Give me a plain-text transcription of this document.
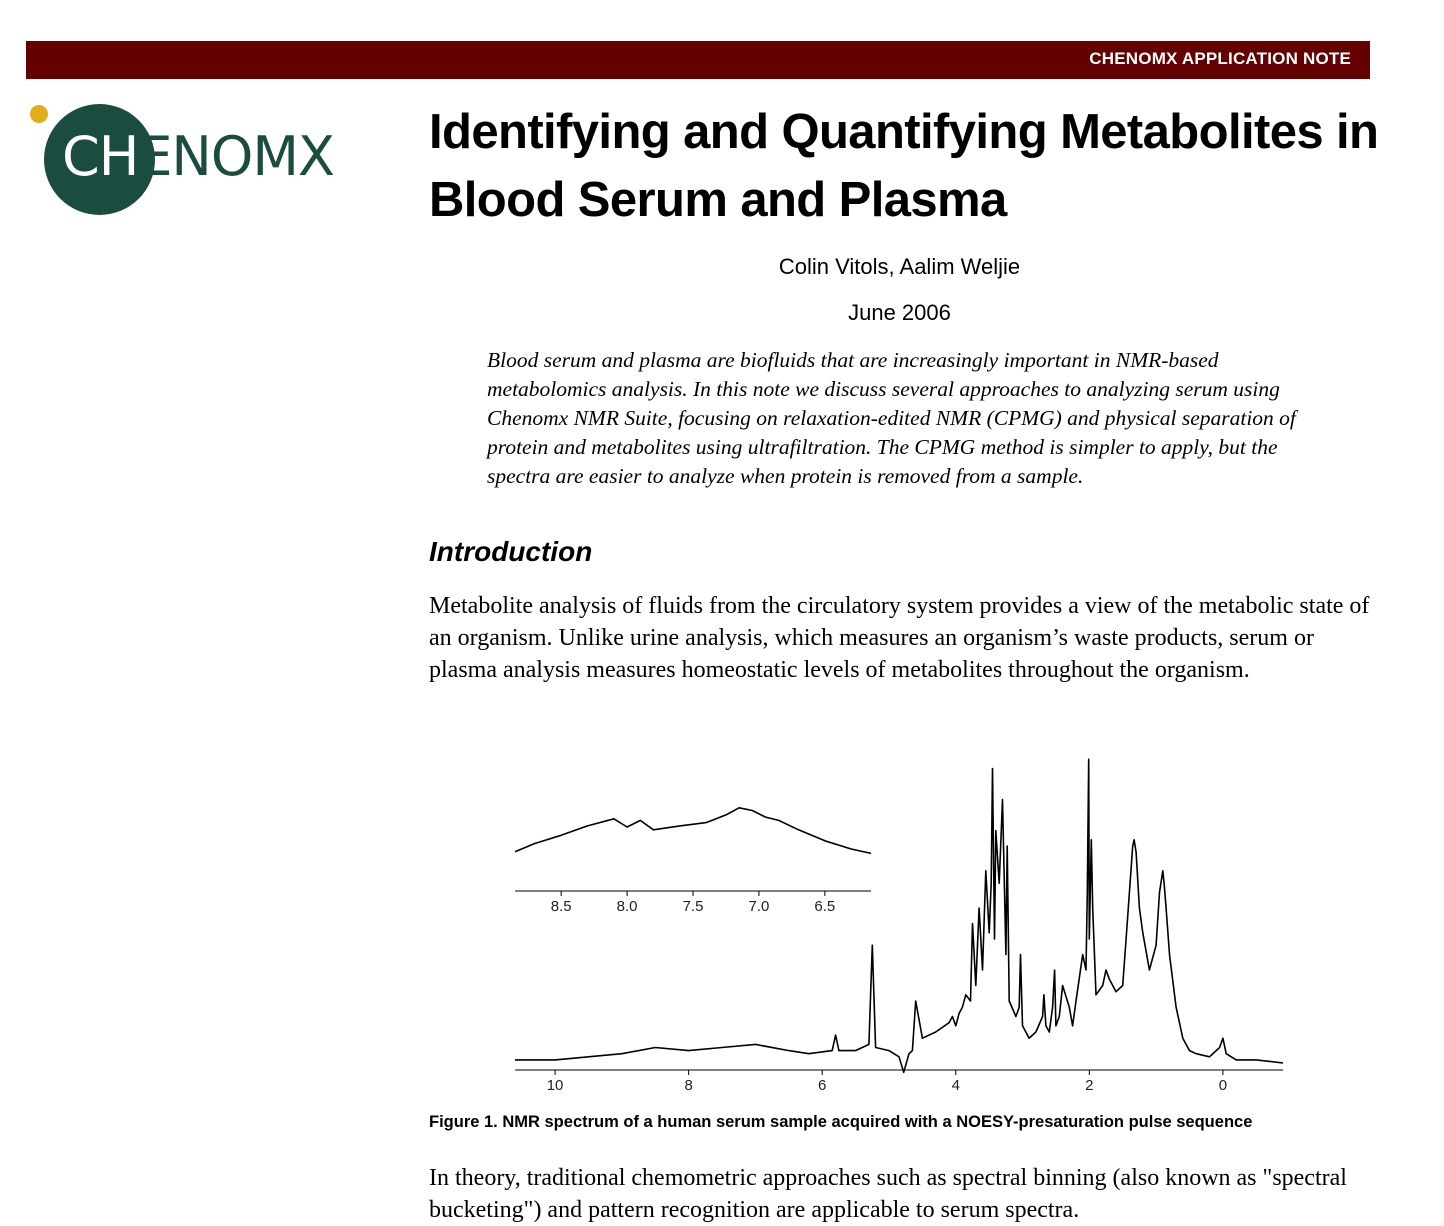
CHENOMX APPLICATION NOTE
CHENOMX Identifying and Quantifying Metabolites in Blood Serum and Plasma
Colin Vitols, Aalim Weljie
June 2006

Blood serum and plasma are biofluids that are increasingly important in NMR-based metabolomics analysis. In this note we discuss several approaches to analyzing serum using Chenomx NMR Suite, focusing on relaxation-edited NMR (CPMG) and physical separation of protein and metabolites using ultrafiltration. The CPMG method is simpler to apply, but the spectra are easier to analyze when protein is removed from a sample.

Introduction

Metabolite analysis of fluids from the circulatory system provides a view of the metabolic state of an organism. Unlike urine analysis, which measures an organism’s waste products, serum or plasma analysis measures homeostatic levels of metabolites throughout the organism.

10	8	6	4	2	0
8.5	8.0	7.5	7.0	6.5

Figure 1. NMR spectrum of a human serum sample acquired with a NOESY-presaturation pulse sequence

In theory, traditional chemometric approaches such as spectral binning (also known as "spectral bucketing") and pattern recognition are applicable to serum spectra.
